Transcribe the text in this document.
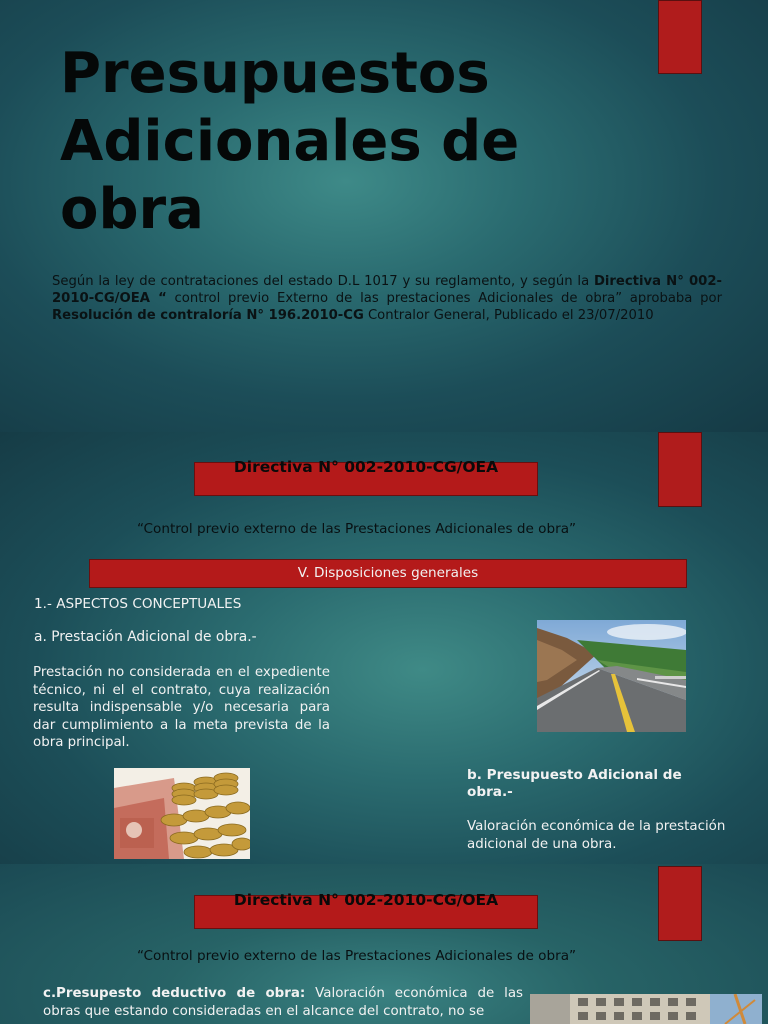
Presupuestos Adicionales de obra

Según la ley de contrataciones del estado D.L 1017 y su reglamento, y según la Directiva N° 002-2010-CG/OEA “ control previo Externo de las prestaciones Adicionales de obra” aprobaba por Resolución de contraloría N° 196.2010-CG Contralor General, Publicado el 23/07/2010

Directiva N° 002-2010-CG/OEA
“Control previo externo de las Prestaciones Adicionales de obra”
V. Disposiciones generales
1.- ASPECTOS CONCEPTUALES
a. Prestación Adicional de obra.-
Prestación no considerada en el expediente técnico, ni el el contrato, cuya realización resulta indispensable y/o necesaria para dar cumplimiento a la meta prevista de la obra principal.
b. Presupuesto Adicional de obra.-
Valoración económica de la prestación adicional de una obra.
Directiva N° 002-2010-CG/OEA
“Control previo externo de las Prestaciones Adicionales de obra”

c.Presupesto deductivo de obra: Valoración económica de las obras que estando consideradas en el alcance del contrato, no se
